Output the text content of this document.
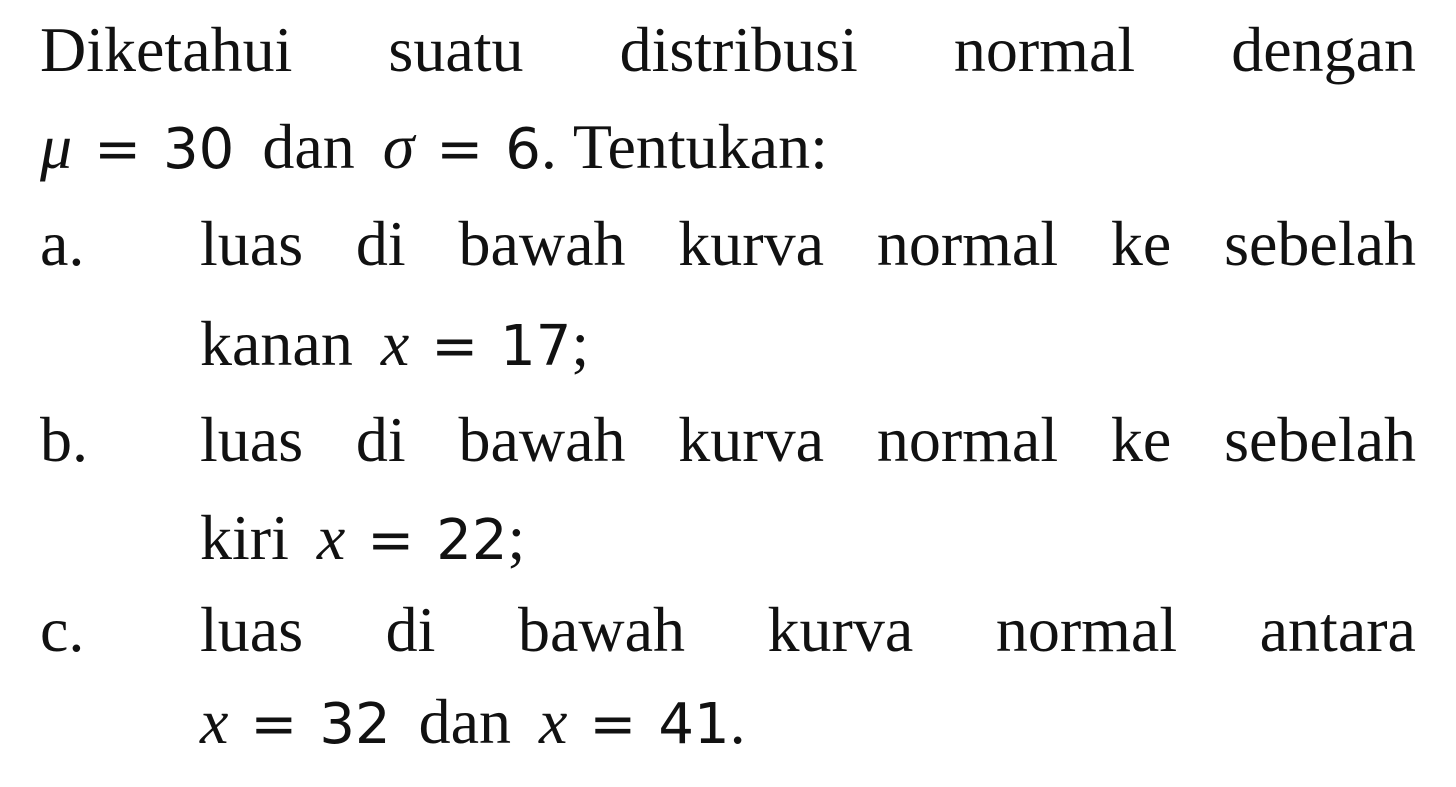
Diketahui suatu distribusi normal dengan
μ = 30 dan σ = 6. Tentukan:
a. luas di bawah kurva normal ke sebelah
kanan x = 17;
b. luas di bawah kurva normal ke sebelah
kiri x = 22;
c. luas di bawah kurva normal antara
x = 32 dan x = 41.
